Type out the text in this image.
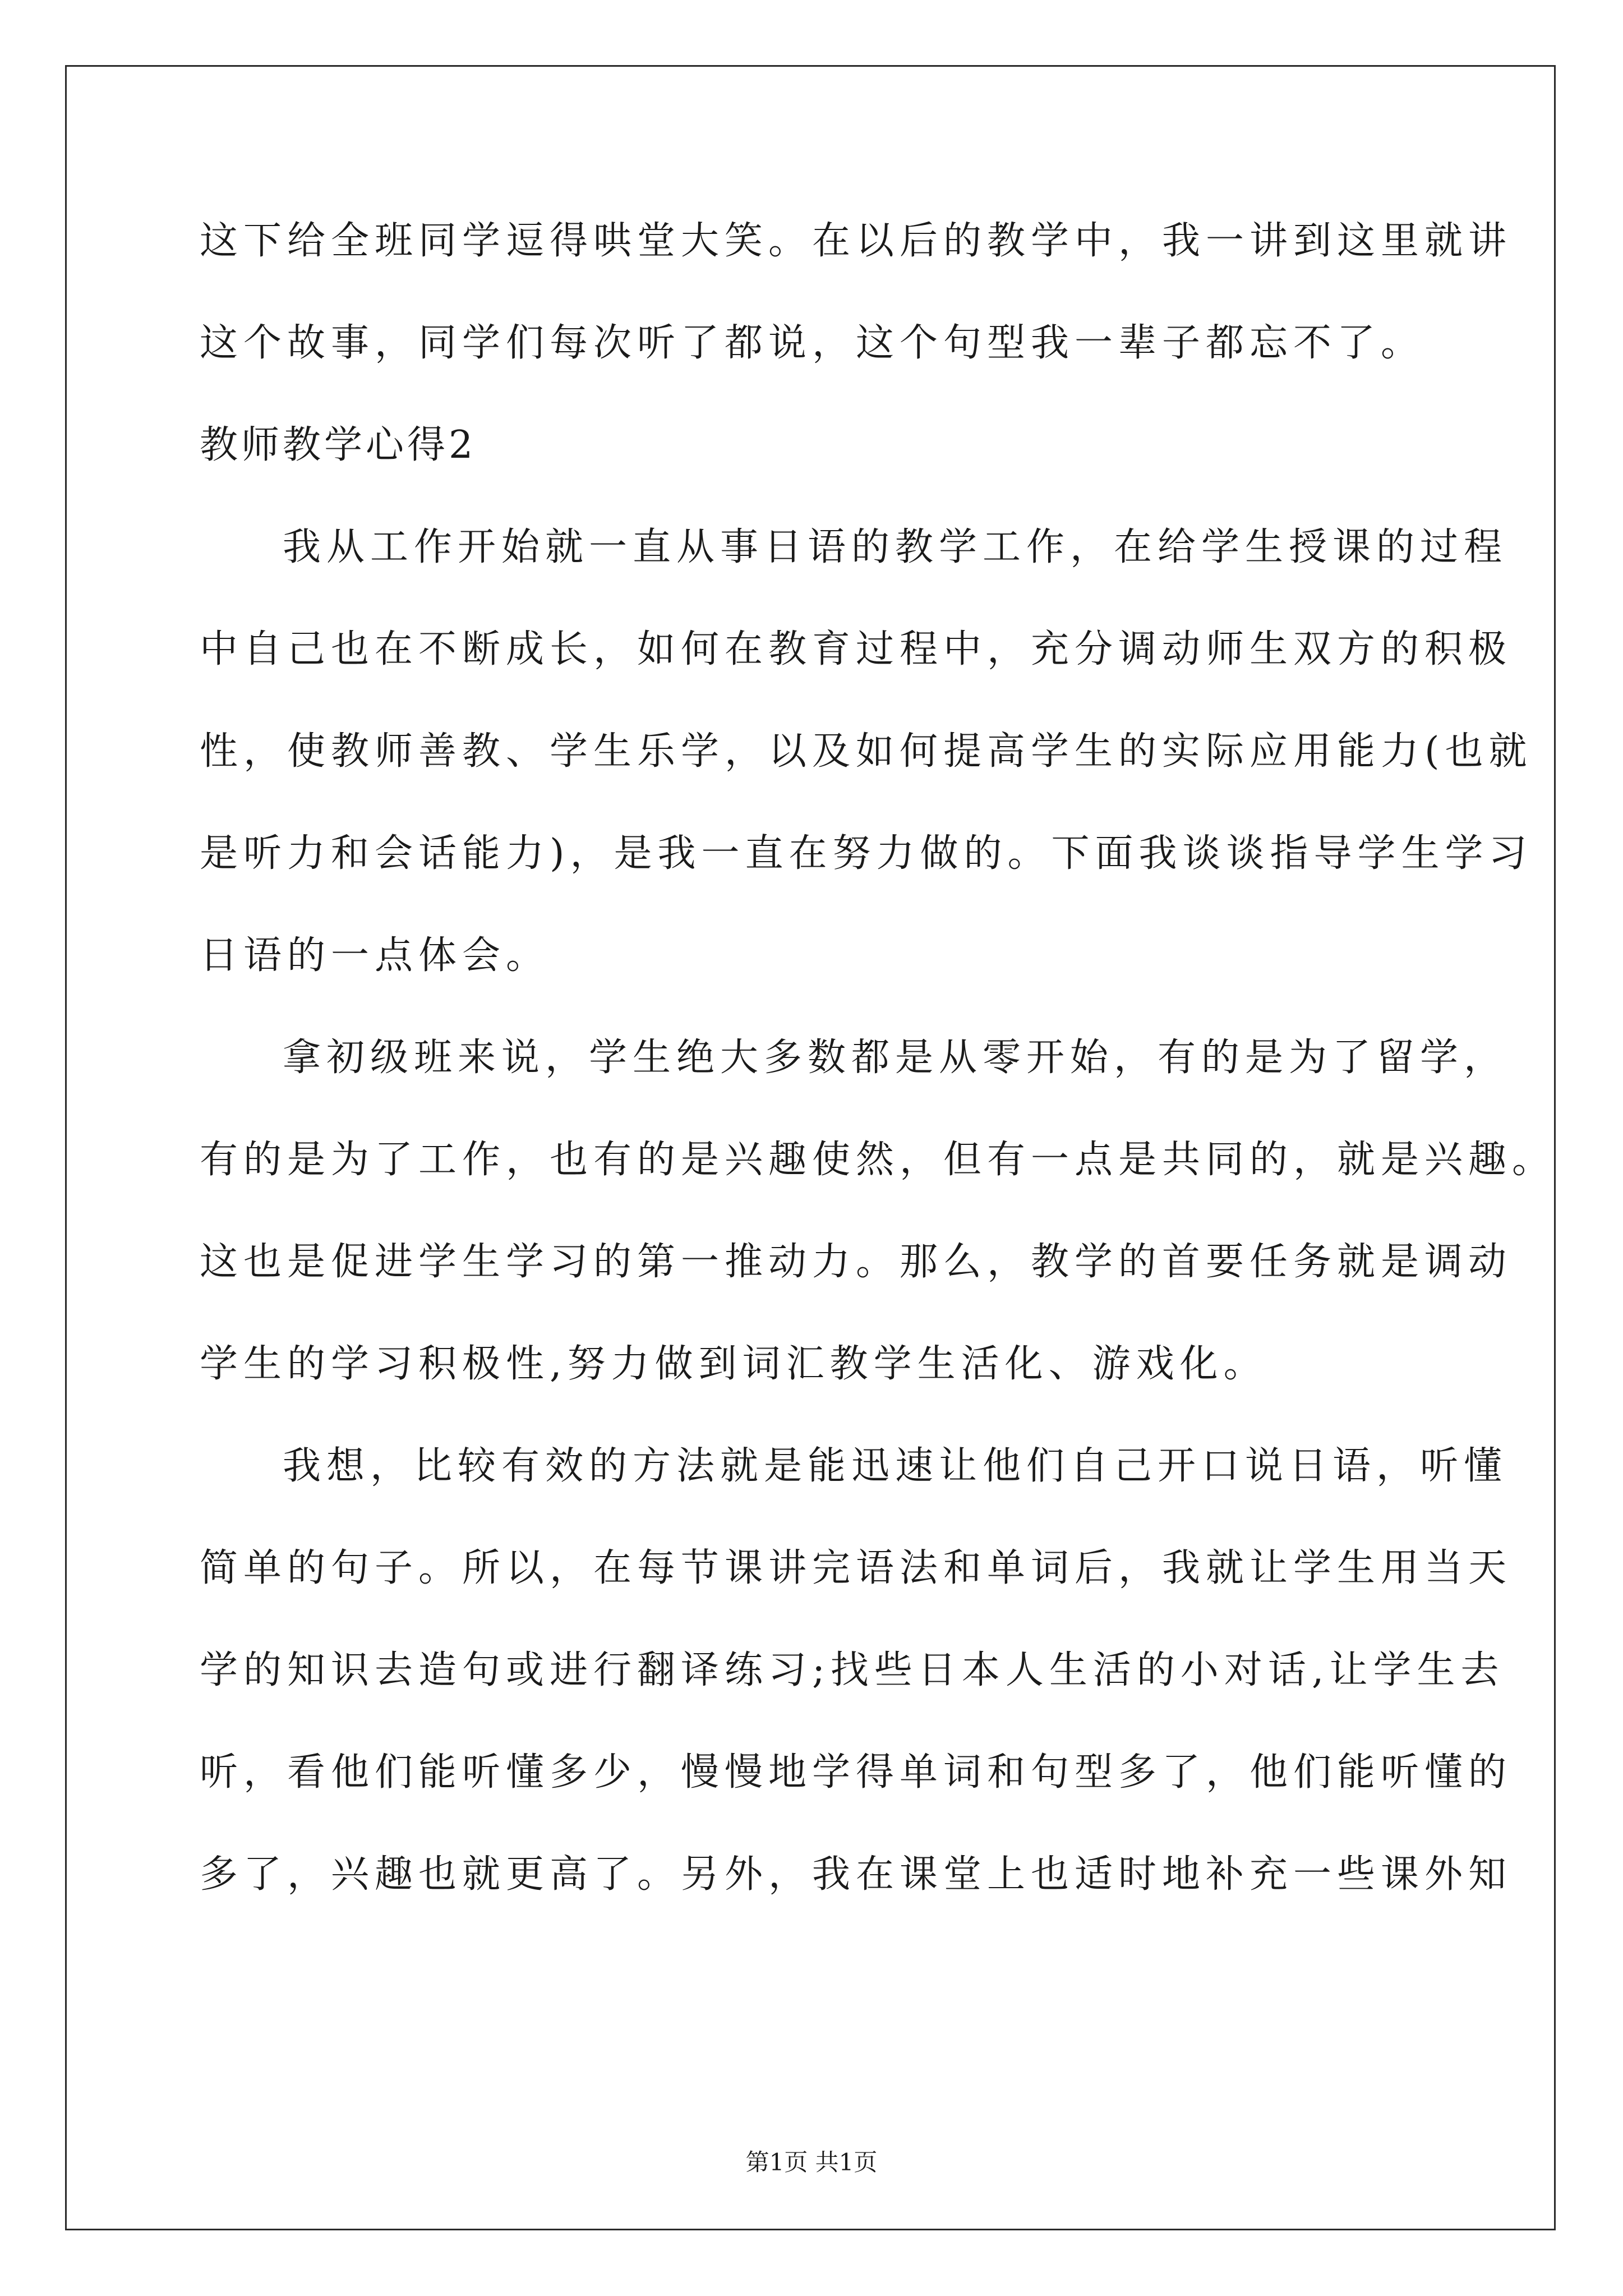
这下给全班同学逗得哄堂大笑。在以后的教学中，我一讲到这里就讲
这个故事，同学们每次听了都说，这个句型我一辈子都忘不了。
教师教学心得2
我从工作开始就一直从事日语的教学工作，在给学生授课的过程
中自己也在不断成长，如何在教育过程中，充分调动师生双方的积极
性，使教师善教、学生乐学，以及如何提高学生的实际应用能力(也就
是听力和会话能力)，是我一直在努力做的。下面我谈谈指导学生学习
日语的一点体会。
拿初级班来说，学生绝大多数都是从零开始，有的是为了留学，
有的是为了工作，也有的是兴趣使然，但有一点是共同的，就是兴趣。
这也是促进学生学习的第一推动力。那么，教学的首要任务就是调动
学生的学习积极性,努力做到词汇教学生活化、游戏化。
我想，比较有效的方法就是能迅速让他们自己开口说日语，听懂
简单的句子。所以，在每节课讲完语法和单词后，我就让学生用当天
学的知识去造句或进行翻译练习;找些日本人生活的小对话,让学生去
听，看他们能听懂多少，慢慢地学得单词和句型多了，他们能听懂的
多了，兴趣也就更高了。另外，我在课堂上也适时地补充一些课外知
第1页 共1页
